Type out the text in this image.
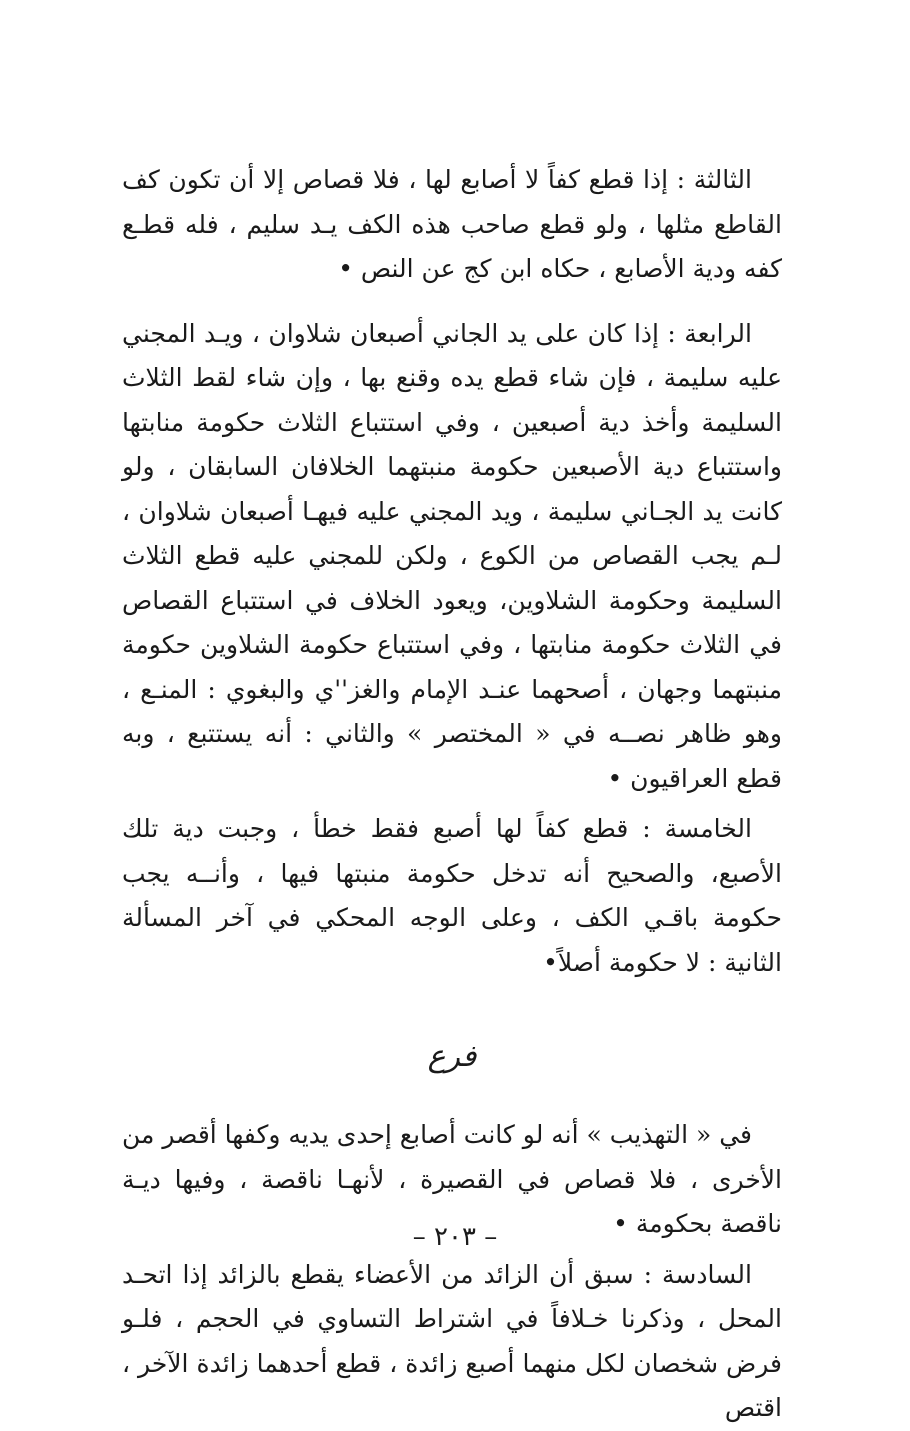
الثالثة : إذا قطع كفاً لا أصابع لها ، فلا قصاص إلا أن تكون كف القاطع مثلها ، ولو قطع صاحب هذه الكف يـد سليم ، فله قطـع كفه ودية الأصابع ، حكاه ابن كج عن النص •

الرابعة : إذا كان على يد الجاني أصبعان شلاوان ، ويـد المجني عليه سليمة ، فإن شاء قطع يده وقنع بها ، وإن شاء لقط الثلاث السليمة وأخذ دية أصبعين ، وفي استتباع الثلاث حكومة منابتها واستتباع دية الأصبعين حكومة منبتهما الخلافان السابقان ، ولو كانت يد الجـاني سليمة ، ويد المجني عليه فيهـا أصبعان شلاوان ، لـم يجب القصاص من الكوع ، ولكن للمجني عليه قطع الثلاث السليمة وحكومة الشلاوين، ويعود الخلاف في استتباع القصاص في الثلاث حكومة منابتها ، وفي استتباع حكومة الشلاوين حكومة منبتهما وجهان ، أصحهما عنـد الإمام والغز''ي والبغوي : المنـع ، وهو ظاهر نصــه في « المختصر » والثاني : أنه يستتبع ، وبه قطع العراقيون •

الخامسة : قطع كفاً لها أصبع فقط خطأ ، وجبت دية تلك الأصبع، والصحيح أنه تدخل حكومة منبتها فيها ، وأنــه يجب حكومة باقـي الكف ، وعلى الوجه المحكي في آخر المسألة الثانية : لا حكومة أصلاً•

فرع

في « التهذيب » أنه لو كانت أصابع إحدى يديه وكفها أقصر من الأخرى ، فلا قصاص في القصيرة ، لأنهـا ناقصة ، وفيها ديـة ناقصة بحكومة •

السادسة : سبق أن الزائد من الأعضاء يقطع بالزائد إذا اتحـد المحل ، وذكرنا خـلافاً في اشتراط التساوي في الحجم ، فلـو فرض شخصان لكل منهما أصبع زائدة ، قطع أحدهما زائدة الآخر ، اقتص

– ٢٠٣ –
